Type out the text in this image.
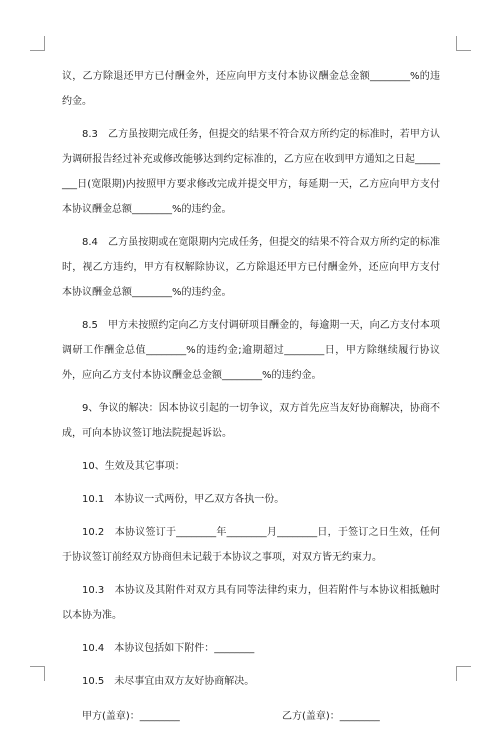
议，乙方除退还甲方已付酬金外，还应向甲方支付本协议酬金总金额________%的违约金。

8.3　乙方虽按期完成任务，但提交的结果不符合双方所约定的标准时，若甲方认为调研报告经过补充或修改能够达到约定标准的，乙方应在收到甲方通知之日起________日(宽限期)内按照甲方要求修改完成并提交甲方，每延期一天，乙方应向甲方支付本协议酬金总额________%的违约金。

8.4　乙方虽按期或在宽限期内完成任务，但提交的结果不符合双方所约定的标准时，视乙方违约，甲方有权解除协议，乙方除退还甲方已付酬金外，还应向甲方支付本协议酬金总额________%的违约金。

8.5　甲方未按照约定向乙方支付调研项目酬金的，每逾期一天，向乙方支付本项调研工作酬金总值________%的违约金;逾期超过________日，甲方除继续履行协议外，应向乙方支付本协议酬金总金额________%的违约金。

9、争议的解决：因本协议引起的一切争议，双方首先应当友好协商解决，协商不成，可向本协议签订地法院提起诉讼。

10、生效及其它事项：

10.1　本协议一式两份，甲乙双方各执一份。

10.2　本协议签订于________年________月________日，于签订之日生效，任何于协议签订前经双方协商但未记载于本协议之事项，对双方皆无约束力。

10.3　本协议及其附件对双方具有同等法律约束力，但若附件与本协议相抵触时以本协为准。

10.4　本协议包括如下附件：________

10.5　未尽事宜由双方友好协商解决。

甲方(盖章)：________	乙方(盖章)：________
